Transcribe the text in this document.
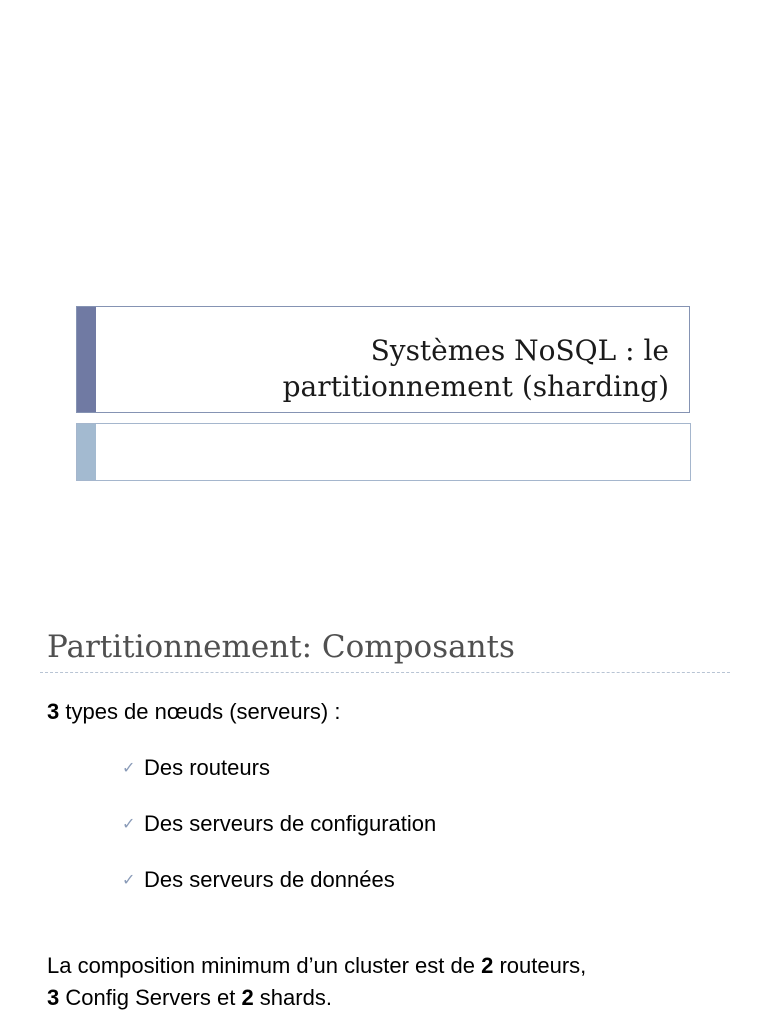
Systèmes NoSQL : le
partitionnement (sharding)
Partitionnement: Composants
3 types de nœuds (serveurs) :
✓ Des routeurs
✓ Des serveurs de configuration
✓ Des serveurs de données
La composition minimum d’un cluster est de 2 routeurs,
3 Config Servers et 2 shards.
